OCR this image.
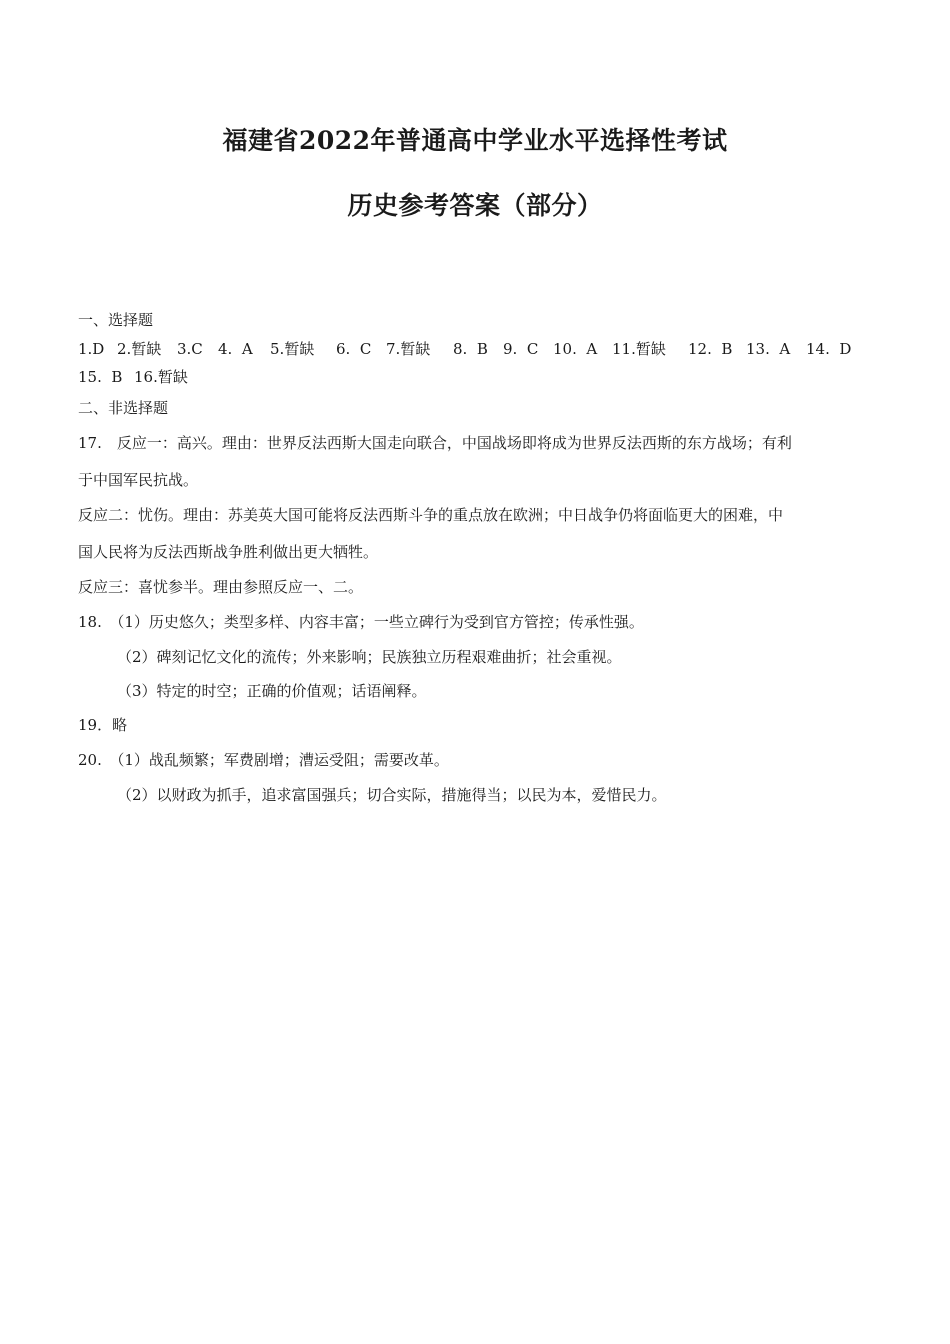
福建省2022年普通高中学业水平选择性考试
历史参考答案（部分）
一、选择题
1.D 2.暂缺 3.C 4. A 5.暂缺 6. C 7.暂缺 8. B 9. C 10. A 11.暂缺 12. B 13. A 14. D
15. B 16.暂缺
二、非选择题
17.　反应一：高兴。理由：世界反法西斯大国走向联合，中国战场即将成为世界反法西斯的东方战场；有利
于中国军民抗战。
反应二：忧伤。理由：苏美英大国可能将反法西斯斗争的重点放在欧洲；中日战争仍将面临更大的困难，中
国人民将为反法西斯战争胜利做出更大牺牲。
反应三：喜忧参半。理由参照反应一、二。
18.　（1）历史悠久；类型多样、内容丰富；一些立碑行为受到官方管控；传承性强。
（2）碑刻记忆文化的流传；外来影响；民族独立历程艰难曲折；社会重视。
（3）特定的时空；正确的价值观；话语阐释。
19．略
20.　（1）战乱频繁；军费剧增；漕运受阻；需要改革。
（2）以财政为抓手，追求富国强兵；切合实际，措施得当；以民为本，爱惜民力。
